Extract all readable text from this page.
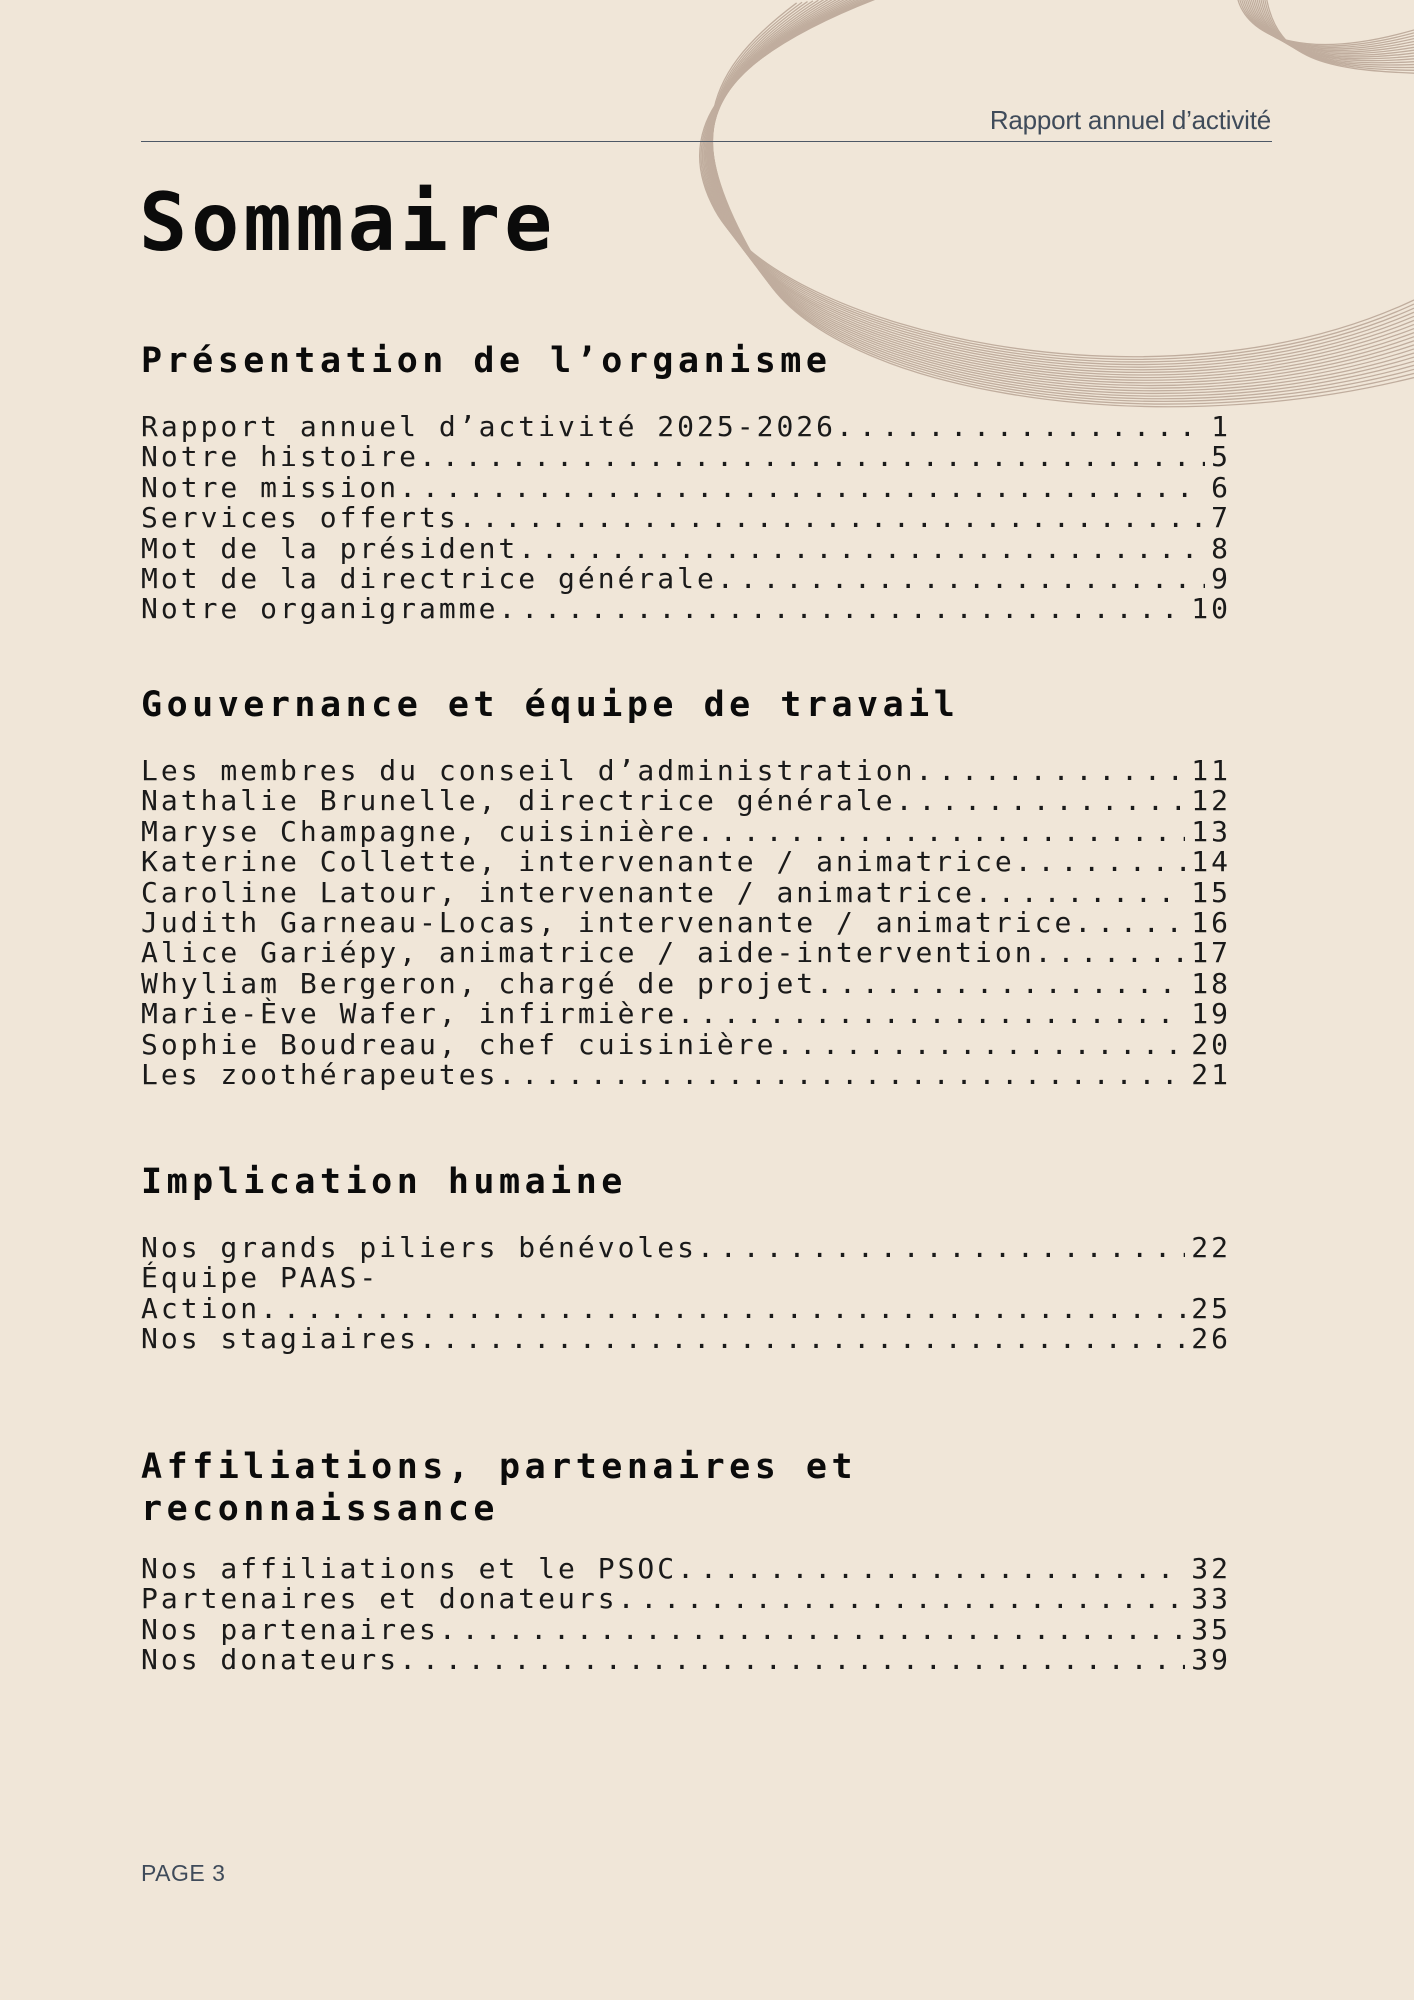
Rapport annuel d’activité
Sommaire
Présentation de l’organisme
Rapport annuel d’activité 2025-2026 .....	1
Notre histoire .....	5
Notre mission .....	6
Services offerts .....	7
Mot de la président .....	8
Mot de la directrice générale .....	9
Notre organigramme .....	10
Gouvernance et équipe de travail
Les membres du conseil d’administration .....	11
Nathalie Brunelle, directrice générale .....	12
Maryse Champagne, cuisinière .....	13
Katerine Collette, intervenante / animatrice .....	14
Caroline Latour, intervenante / animatrice .....	15
Judith Garneau-Locas, intervenante / animatrice .....	16
Alice Gariépy, animatrice / aide-intervention .....	17
Whyliam Bergeron, chargé de projet .....	18
Marie-Ève Wafer, infirmière .....	19
Sophie Boudreau, chef cuisinière .....	20
Les zoothérapeutes .....	21
Implication humaine
Nos grands piliers bénévoles .....	22
Équipe PAAS-
Action .....	25
Nos stagiaires .....	26
Affiliations, partenaires et reconnaissance
Nos affiliations et le PSOC .....	32
Partenaires et donateurs .....	33
Nos partenaires .....	35
Nos donateurs .....	39
PAGE 3
